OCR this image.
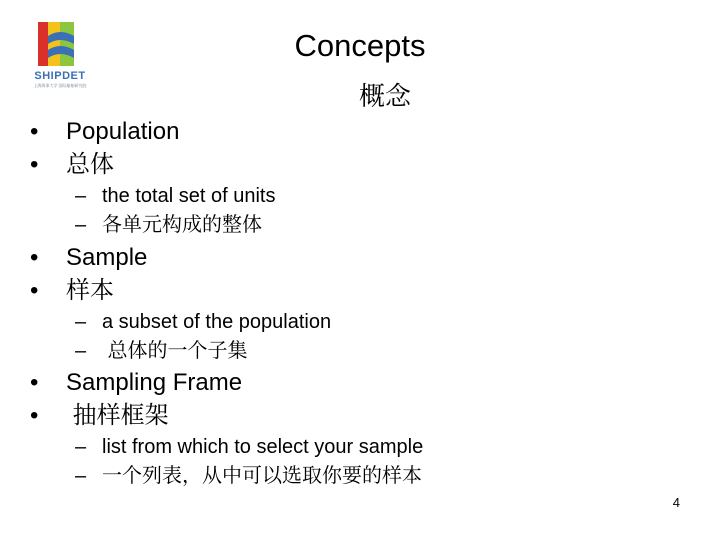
SHIPDET
上海海事大学 国际船舶研究院
Concepts
概念
• Population
• 总体
– the total set of units
– 各单元构成的整体
• Sample
• 样本
– a subset of the population
– 总体的一个子集
• Sampling Frame
• 抽样框架
– list from which to select your sample
– 一个列表，从中可以选取你要的样本
4
